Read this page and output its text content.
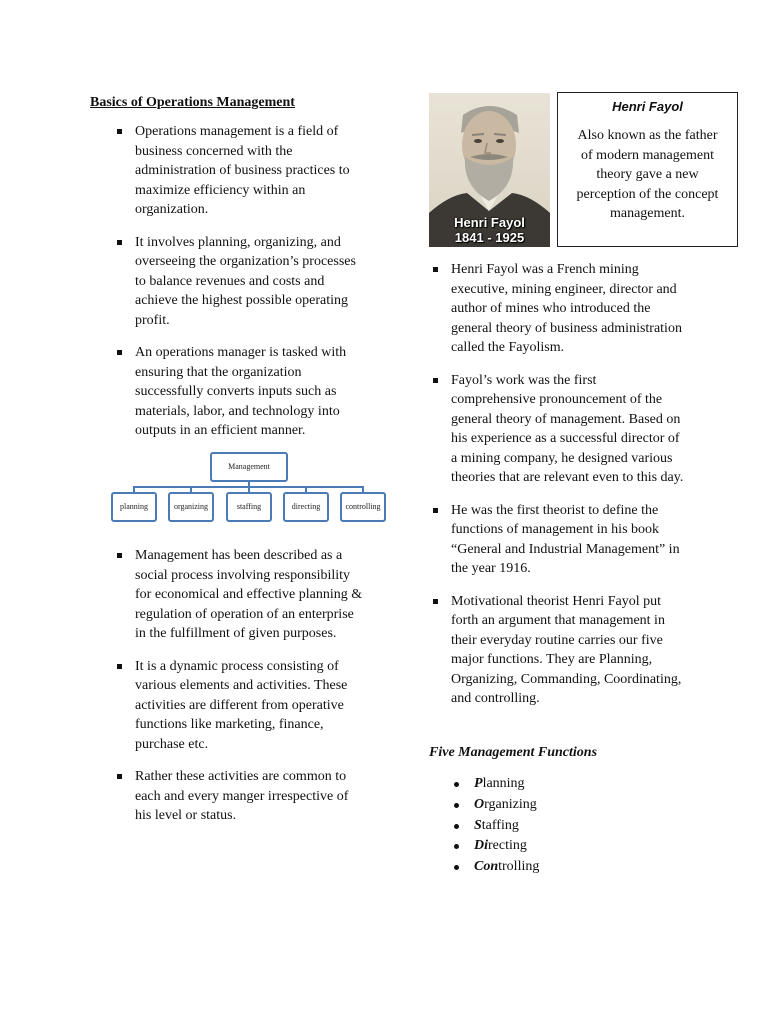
Basics of Operations Management
Operations management is a field of business concerned with the administration of business practices to maximize efficiency within an organization.
It involves planning, organizing, and overseeing the organization’s processes to balance revenues and costs and achieve the highest possible operating profit.
An operations manager is tasked with ensuring that the organization successfully converts inputs such as materials, labor, and technology into outputs in an efficient manner.
Management
planning	organizing	staffing	directing	controlling
Management has been described as a social process involving responsibility for economical and effective planning & regulation of operation of an enterprise in the fulfillment of given purposes.
It is a dynamic process consisting of various elements and activities. These activities are different from operative functions like marketing, finance, purchase etc.
Rather these activities are common to each and every manger irrespective of his level or status.
Henri Fayol
1841 - 1925
Henri Fayol
Also known as the father of modern management theory gave a new perception of the concept management.
Henri Fayol was a French mining executive, mining engineer, director and author of mines who introduced the general theory of business administration called the Fayolism.
Fayol’s work was the first comprehensive pronouncement of the general theory of management. Based on his experience as a successful director of a mining company, he designed various theories that are relevant even to this day.
He was the first theorist to define the functions of management in his book “General and Industrial Management” in the year 1916.
Motivational theorist Henri Fayol put forth an argument that management in their everyday routine carries our five major functions. They are Planning, Organizing, Commanding, Coordinating, and controlling.
Five Management Functions
Planning
Organizing
Staffing
Directing
Controlling
